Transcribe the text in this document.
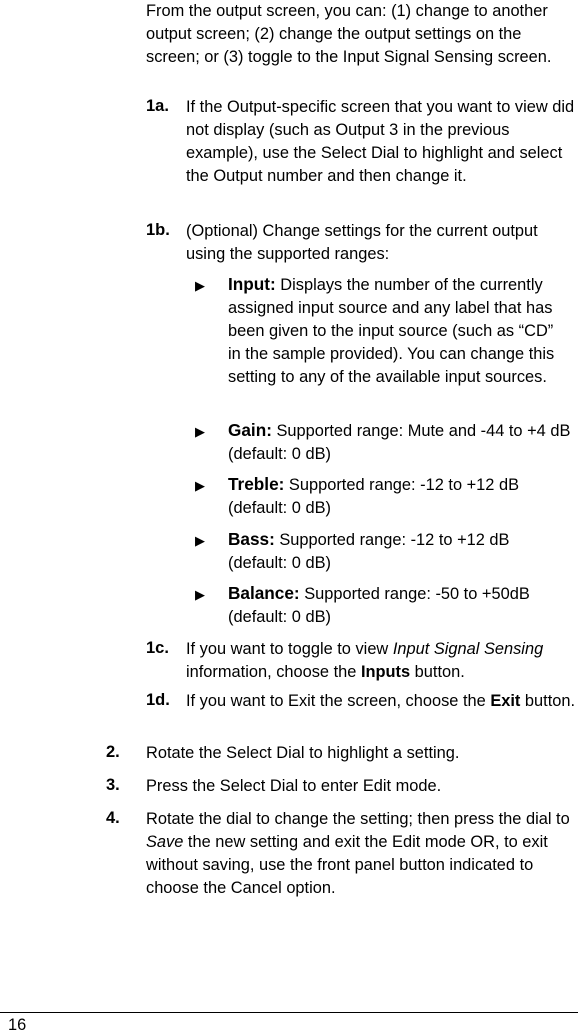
From the output screen, you can: (1) change to another output screen; (2) change the output settings on the screen; or (3) toggle to the Input Signal Sensing screen.

1a. If the Output-specific screen that you want to view did not display (such as Output 3 in the previous example), use the Select Dial to highlight and select the Output number and then change it.
1b. (Optional) Change settings for the current output using the supported ranges:
▶ Input: Displays the number of the currently assigned input source and any label that has been given to the input source (such as “CD” in the sample provided). You can change this setting to any of the available input sources.
▶ Gain: Supported range: Mute and -44 to +4 dB (default: 0 dB)
▶ Treble: Supported range: -12 to +12 dB (default: 0 dB)
▶ Bass: Supported range: -12 to +12 dB (default: 0 dB)
▶ Balance: Supported range: -50 to +50dB (default: 0 dB)
1c. If you want to toggle to view Input Signal Sensing information, choose the Inputs button.
1d. If you want to Exit the screen, choose the Exit button.
2. Rotate the Select Dial to highlight a setting.
3. Press the Select Dial to enter Edit mode.
4. Rotate the dial to change the setting; then press the dial to Save the new setting and exit the Edit mode OR, to exit without saving, use the front panel button indicated to choose the Cancel option.
16
